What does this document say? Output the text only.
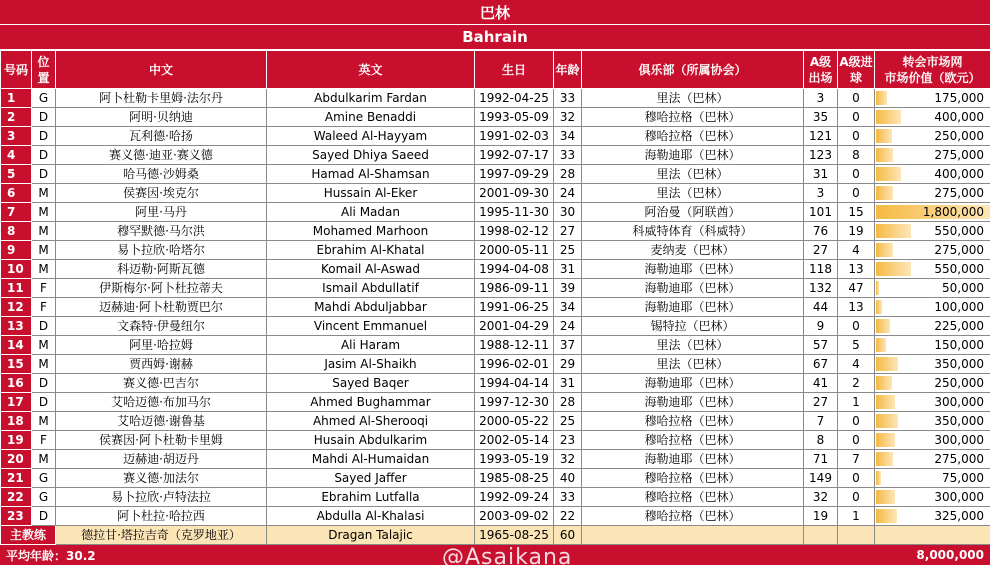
巴林
Bahrain
号码	位置	中文	英文	生日	年龄	俱乐部（所属协会）	A级出场	A级进球	转会市场网
市场价值（欧元）

1	G	阿卜杜勒卡里姆·法尔丹	Abdulkarim Fardan	1992-04-25	33	里法（巴林）	3	0	175,000
2	D	阿明·贝纳迪	Amine Benaddi	1993-05-09	32	穆哈拉格（巴林）	35	0	400,000
3	D	瓦利德·哈扬	Waleed Al-Hayyam	1991-02-03	34	穆哈拉格（巴林）	121	0	250,000
4	D	赛义德·迪亚·赛义德	Sayed Dhiya Saeed	1992-07-17	33	海勒迪耶（巴林）	123	8	275,000
5	D	哈马德·沙姆桑	Hamad Al-Shamsan	1997-09-29	28	里法（巴林）	31	0	400,000
6	M	侯赛因·埃克尔	Hussain Al-Eker	2001-09-30	24	里法（巴林）	3	0	275,000
7	M	阿里·马丹	Ali Madan	1995-11-30	30	阿治曼（阿联酋）	101	15	1,800,000
8	M	穆罕默德·马尔洪	Mohamed Marhoon	1998-02-12	27	科威特体育（科威特）	76	19	550,000
9	M	易卜拉欣·哈塔尔	Ebrahim Al-Khatal	2000-05-11	25	麦纳麦（巴林）	27	4	275,000
10	M	科迈勒·阿斯瓦德	Komail Al-Aswad	1994-04-08	31	海勒迪耶（巴林）	118	13	550,000
11	F	伊斯梅尔·阿卜杜拉蒂夫	Ismail Abdullatif	1986-09-11	39	海勒迪耶（巴林）	132	47	50,000
12	F	迈赫迪·阿卜杜勒贾巴尔	Mahdi Abduljabbar	1991-06-25	34	海勒迪耶（巴林）	44	13	100,000
13	D	文森特·伊曼纽尔	Vincent Emmanuel	2001-04-29	24	锡特拉（巴林）	9	0	225,000
14	M	阿里·哈拉姆	Ali Haram	1988-12-11	37	里法（巴林）	57	5	150,000
15	M	贾西姆·谢赫	Jasim Al-Shaikh	1996-02-01	29	里法（巴林）	67	4	350,000
16	D	赛义德·巴吉尔	Sayed Baqer	1994-04-14	31	海勒迪耶（巴林）	41	2	250,000
17	D	艾哈迈德·布加马尔	Ahmed Bughammar	1997-12-30	28	海勒迪耶（巴林）	27	1	300,000
18	M	艾哈迈德·谢鲁基	Ahmed Al-Sherooqi	2000-05-22	25	穆哈拉格（巴林）	7	0	350,000
19	F	侯赛因·阿卜杜勒卡里姆	Husain Abdulkarim	2002-05-14	23	穆哈拉格（巴林）	8	0	300,000
20	M	迈赫迪·胡迈丹	Mahdi Al-Humaidan	1993-05-19	32	海勒迪耶（巴林）	71	7	275,000
21	G	赛义德·加法尔	Sayed Jaffer	1985-08-25	40	穆哈拉格（巴林）	149	0	75,000
22	G	易卜拉欣·卢特法拉	Ebrahim Lutfalla	1992-09-24	33	穆哈拉格（巴林）	32	0	300,000
23	D	阿卜杜拉·哈拉西	Abdulla Al-Khalasi	2003-09-02	22	穆哈拉格（巴林）	19	1	325,000
主教练		德拉甘·塔拉吉奇（克罗地亚）	Dragan Talajic	1965-08-25	60				
平均年龄：30.2	8,000,000
@Asaikana
